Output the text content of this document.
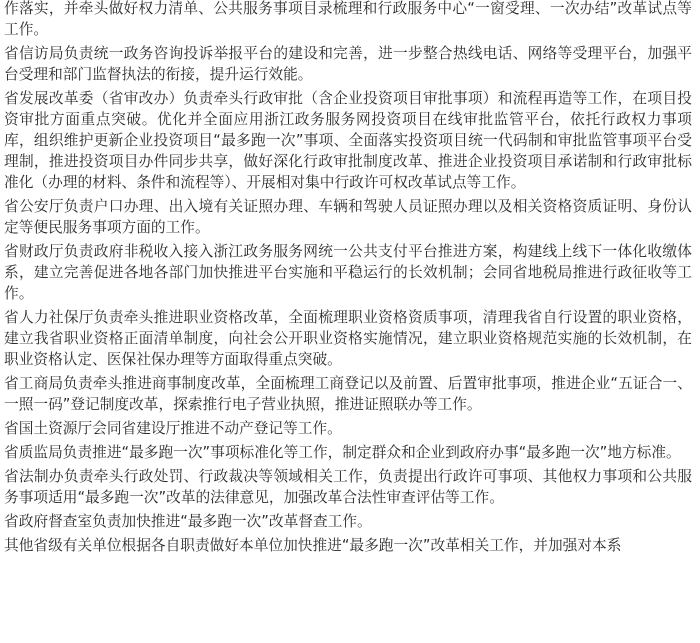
作落实，并牵头做好权力清单、公共服务事项目录梳理和行政服务中心“一窗受理、一次办结”改革试点等工作。

省信访局负责统一政务咨询投诉举报平台的建设和完善，进一步整合热线电话、网络等受理平台，加强平台受理和部门监督执法的衔接，提升运行效能。

省发展改革委（省审改办）负责牵头行政审批（含企业投资项目审批事项）和流程再造等工作，在项目投资审批方面重点突破。优化并全面应用浙江政务服务网投资项目在线审批监管平台，依托行政权力事项库，组织维护更新企业投资项目“最多跑一次”事项、全面落实投资项目统一代码制和审批监管事项平台受理制，推进投资项目办件同步共享，做好深化行政审批制度改革、推进企业投资项目承诺制和行政审批标准化（办理的材料、条件和流程等）、开展相对集中行政许可权改革试点等工作。

省公安厅负责户口办理、出入境有关证照办理、车辆和驾驶人员证照办理以及相关资格资质证明、身份认定等便民服务事项方面的工作。

省财政厅负责政府非税收入接入浙江政务服务网统一公共支付平台推进方案，构建线上线下一体化收缴体系，建立完善促进各地各部门加快推进平台实施和平稳运行的长效机制；会同省地税局推进行政征收等工作。

省人力社保厅负责牵头推进职业资格改革，全面梳理职业资格资质事项，清理我省自行设置的职业资格，建立我省职业资格正面清单制度，向社会公开职业资格实施情况，建立职业资格规范实施的长效机制，在职业资格认定、医保社保办理等方面取得重点突破。

省工商局负责牵头推进商事制度改革，全面梳理工商登记以及前置、后置审批事项，推进企业“五证合一、一照一码”登记制度改革，探索推行电子营业执照，推进证照联办等工作。

省国土资源厅会同省建设厅推进不动产登记等工作。

省质监局负责推进“最多跑一次”事项标准化等工作，制定群众和企业到政府办事“最多跑一次”地方标准。

省法制办负责牵头行政处罚、行政裁决等领域相关工作，负责提出行政许可事项、其他权力事项和公共服务事项适用“最多跑一次”改革的法律意见，加强改革合法性审查评估等工作。

省政府督查室负责加快推进“最多跑一次”改革督查工作。

其他省级有关单位根据各自职责做好本单位加快推进“最多跑一次”改革相关工作，并加强对本系
